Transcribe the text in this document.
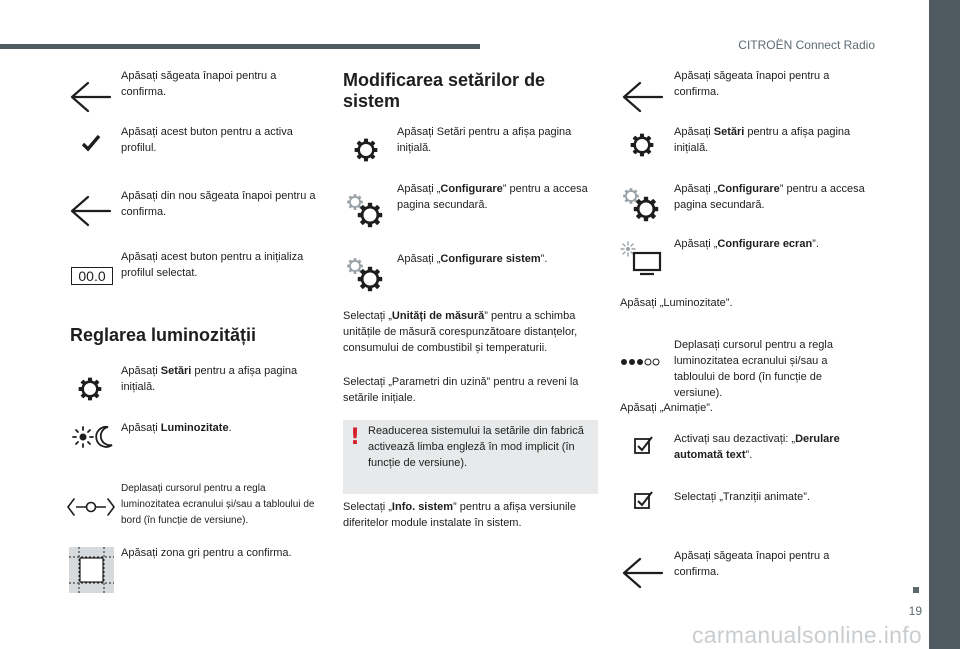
CITROËN Connect Radio
19
carmanualsonline.info
Apăsați săgeata înapoi pentru a confirma.
Apăsați acest buton pentru a activa profilul.
Apăsați din nou săgeata înapoi pentru a confirma.
00.0
Apăsați acest buton pentru a inițializa profilul selectat.
Reglarea luminozității
Apăsați Setări pentru a afișa pagina inițială.
Apăsați Luminozitate.
Deplasați cursorul pentru a regla luminozitatea ecranului și/sau a tabloului de bord (în funcție de versiune).
Apăsați zona gri pentru a confirma.
Modificarea setărilor de sistem
Apăsați Setări pentru a afișa pagina inițială.
Apăsați „Configurare” pentru a accesa pagina secundară.
Apăsați „Configurare sistem”.
Selectați „Unități de măsură” pentru a schimba unitățile de măsură corespunzătoare distanțelor, consumului de combustibil și temperaturii.
Selectați „Parametri din uzină” pentru a reveni la setările inițiale.
! Readucerea sistemului la setările din fabrică activează limba engleză în mod implicit (în funcție de versiune).
Selectați „Info. sistem” pentru a afișa versiunile diferitelor module instalate în sistem.
Apăsați săgeata înapoi pentru a confirma.
Apăsați Setări pentru a afișa pagina inițială.
Apăsați „Configurare” pentru a accesa pagina secundară.
Apăsați „Configurare ecran”.
Apăsați „Luminozitate”.
Deplasați cursorul pentru a regla luminozitatea ecranului și/sau a tabloului de bord (în funcție de versiune).
Apăsați „Animație”.
Activați sau dezactivați: „Derulare automată text”.
Selectați „Tranziții animate”.
Apăsați săgeata înapoi pentru a confirma.
